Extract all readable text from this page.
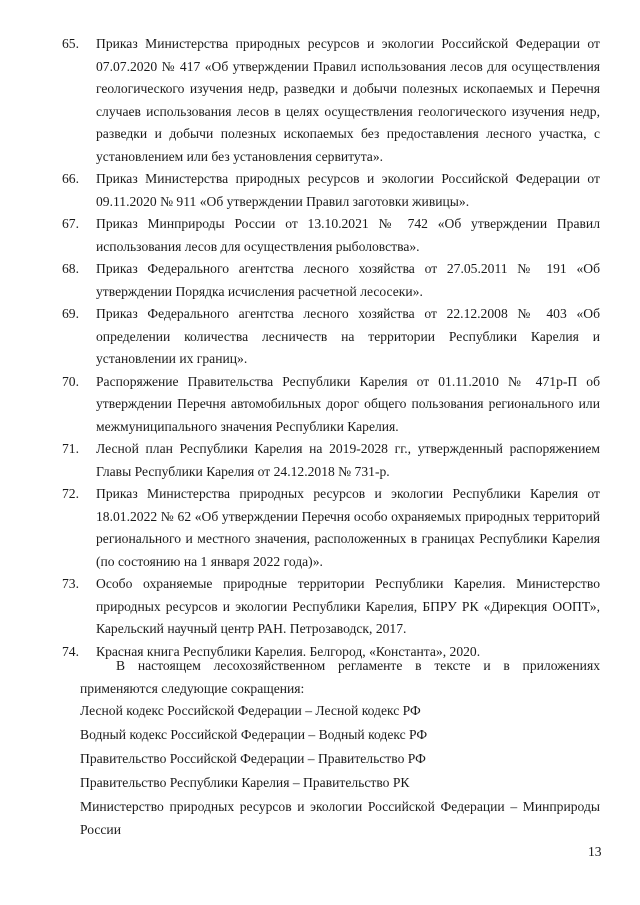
65.	Приказ Министерства природных ресурсов и экологии Российской Федерации от 07.07.2020 № 417 «Об утверждении Правил использования лесов для осуществления геологического изучения недр, разведки и добычи полезных ископаемых и Перечня случаев использования лесов в целях осуществления геологического изучения недр, разведки и добычи полезных ископаемых без предоставления лесного участка, с установлением или без установления сервитута».
66.	Приказ Министерства природных ресурсов и экологии Российской Федерации от 09.11.2020 № 911 «Об утверждении Правил заготовки живицы».
67.	Приказ Минприроды России от 13.10.2021 № 742 «Об утверждении Правил использования лесов для осуществления рыболовства».
68.	Приказ Федерального агентства лесного хозяйства от 27.05.2011 № 191 «Об утверждении Порядка исчисления расчетной лесосеки».
69.	Приказ Федерального агентства лесного хозяйства от 22.12.2008 № 403 «Об определении количества лесничеств на территории Республики Карелия и установлении их границ».
70.	Распоряжение Правительства Республики Карелия от 01.11.2010 № 471р-П об утверждении Перечня автомобильных дорог общего пользования регионального или межмуниципального значения Республики Карелия.
71.	Лесной план Республики Карелия на 2019-2028 гг., утвержденный распоряжением Главы Республики Карелия от 24.12.2018 № 731-р.
72.	Приказ Министерства природных ресурсов и экологии Республики Карелия от 18.01.2022 № 62 «Об утверждении Перечня особо охраняемых природных территорий регионального и местного значения, расположенных в границах Республики Карелия (по состоянию на 1 января 2022 года)».
73.	Особо охраняемые природные территории Республики Карелия. Министерство природных ресурсов и экологии Республики Карелия, БПРУ РК «Дирекция ООПТ», Карельский научный центр РАН. Петрозаводск, 2017.
74.	Красная книга Республики Карелия. Белгород, «Константа», 2020.

В настоящем лесохозяйственном регламенте в тексте и в приложениях применяются следующие сокращения:

Лесной кодекс Российской Федерации – Лесной кодекс РФ
Водный кодекс Российской Федерации – Водный кодекс РФ
Правительство Российской Федерации – Правительство РФ
Правительство Республики Карелия – Правительство РК
Министерство природных ресурсов и экологии Российской Федерации – Минприроды России
13
